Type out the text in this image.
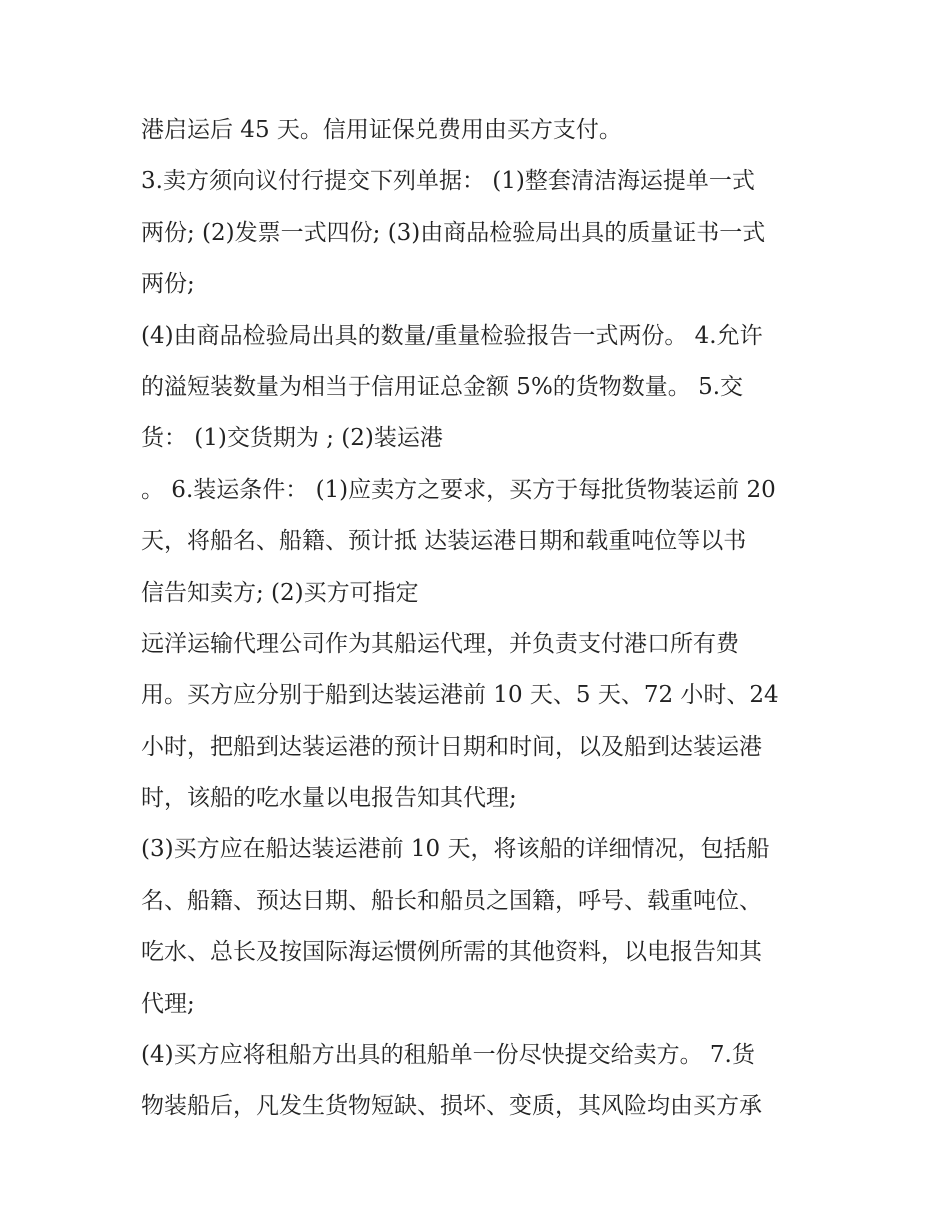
港启运后 45 天。信用证保兑费用由买方支付。
3.卖方须向议付行提交下列单据： (1)整套清洁海运提单一式
两份; (2)发票一式四份; (3)由商品检验局出具的质量证书一式
两份;
(4)由商品检验局出具的数量/重量检验报告一式两份。 4.允许
的溢短装数量为相当于信用证总金额 5%的货物数量。 5.交
货： (1)交货期为 ; (2)装运港
。 6.装运条件： (1)应卖方之要求，买方于每批货物装运前 20
天，将船名、船籍、预计抵 达装运港日期和载重吨位等以书
信告知卖方; (2)买方可指定
远洋运输代理公司作为其船运代理，并负责支付港口所有费
用。买方应分别于船到达装运港前 10 天、5 天、72 小时、24
小时，把船到达装运港的预计日期和时间，以及船到达装运港
时，该船的吃水量以电报告知其代理;
(3)买方应在船达装运港前 10 天，将该船的详细情况，包括船
名、船籍、预达日期、船长和船员之国籍，呼号、载重吨位、
吃水、总长及按国际海运惯例所需的其他资料，以电报告知其
代理;
(4)买方应将租船方出具的租船单一份尽快提交给卖方。 7.货
物装船后，凡发生货物短缺、损坏、变质，其风险均由买方承
